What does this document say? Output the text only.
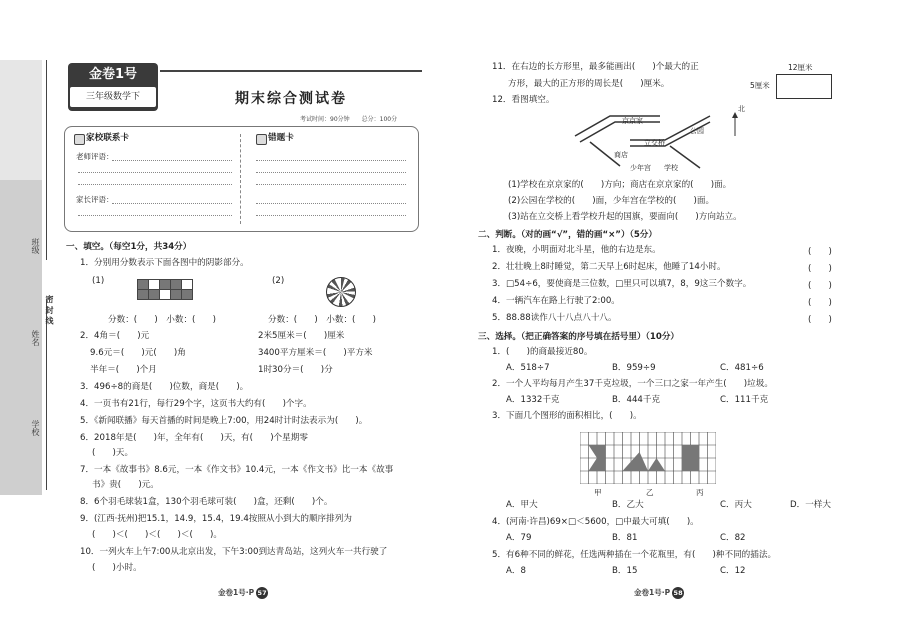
班级
姓名
学校
密 封 线
金卷1号
三年级数学下	期末综合测试卷
考试时间：90分钟　　总分：100分
家校联系卡	错题卡
老师评语：
家长评语：
一、填空。（每空1分，共34分）
1．分别用分数表示下面各图中的阴影部分。
(1)	(2)
分数：(　　)　小数：(　　)	分数：(　　)　小数：(　　)
2．4角＝(　　)元	2米5厘米＝(　　)厘米
9.6元＝(　　)元(　　)角	3400平方厘米＝(　　)平方米
半年＝(　　)个月	1时30分＝(　　)分
3．496÷8的商是(　　)位数，商是(　　)。
4．一页书有21行，每行29个字，这页书大约有(　　)个字。
5．《新闻联播》每天首播的时间是晚上7:00，用24时计时法表示为(　　)。
6．2018年是(　　)年，全年有(　　)天，有(　　)个星期零
(　　)天。
7．一本《故事书》8.6元，一本《作文书》10.4元，一本《作文书》比一本《故事
书》贵(　　)元。
8．6个羽毛球装1盒，130个羽毛球可装(　　)盒，还剩(　　)个。
9．(江西·抚州)把15.1，14.9，15.4，19.4按照从小到大的顺序排列为
(　　)＜(　　)＜(　　)＜(　　)。
10．一列火车上午7:00从北京出发，下午3:00到达青岛站，这列火车一共行驶了
(　　)小时。
金卷1号·P 57
11．在右边的长方形里，最多能画出(　　)个最大的正
方形，最大的正方形的周长是(　　)厘米。
12厘米
5厘米
12．看图填空。
京京家
公园
立交桥
商店
少年宫 学校
北
(1)学校在京京家的(　　)方向；商店在京京家的(　　)面。
(2)公园在学校的(　　)面，少年宫在学校的(　　)面。
(3)站在立交桥上看学校升起的国旗，要面向(　　)方向站立。
二、判断。（对的画“√”，错的画“×”）（5分）
1．夜晚，小明面对北斗星，他的右边是东。	(　　)
2．壮壮晚上8时睡觉，第二天早上6时起床，他睡了14小时。	(　　)
3．□54÷6，要使商是三位数，□里只可以填7，8，9这三个数字。	(　　)
4．一辆汽车在路上行驶了2:00。	(　　)
5．88.88读作八十八点八十八。	(　　)
三、选择。（把正确答案的序号填在括号里）（10分）
1．(　　)的商最接近80。
A．518÷7	B．959÷9	C．481÷6
2．一个人平均每月产生37千克垃圾，一个三口之家一年产生(　　)垃圾。
A．1332千克	B．444千克	C．111千克
3．下面几个图形的面积相比，(　　)。
甲	乙	丙
A．甲大	B．乙大	C．丙大	D．一样大
4．(河南·许昌)69×□＜5600，□中最大可填(　　)。
A．79	B．81	C．82
5．有6种不同的鲜花，任选两种插在一个花瓶里，有(　　)种不同的插法。
A．8	B．15	C．12
金卷1号·P 58
